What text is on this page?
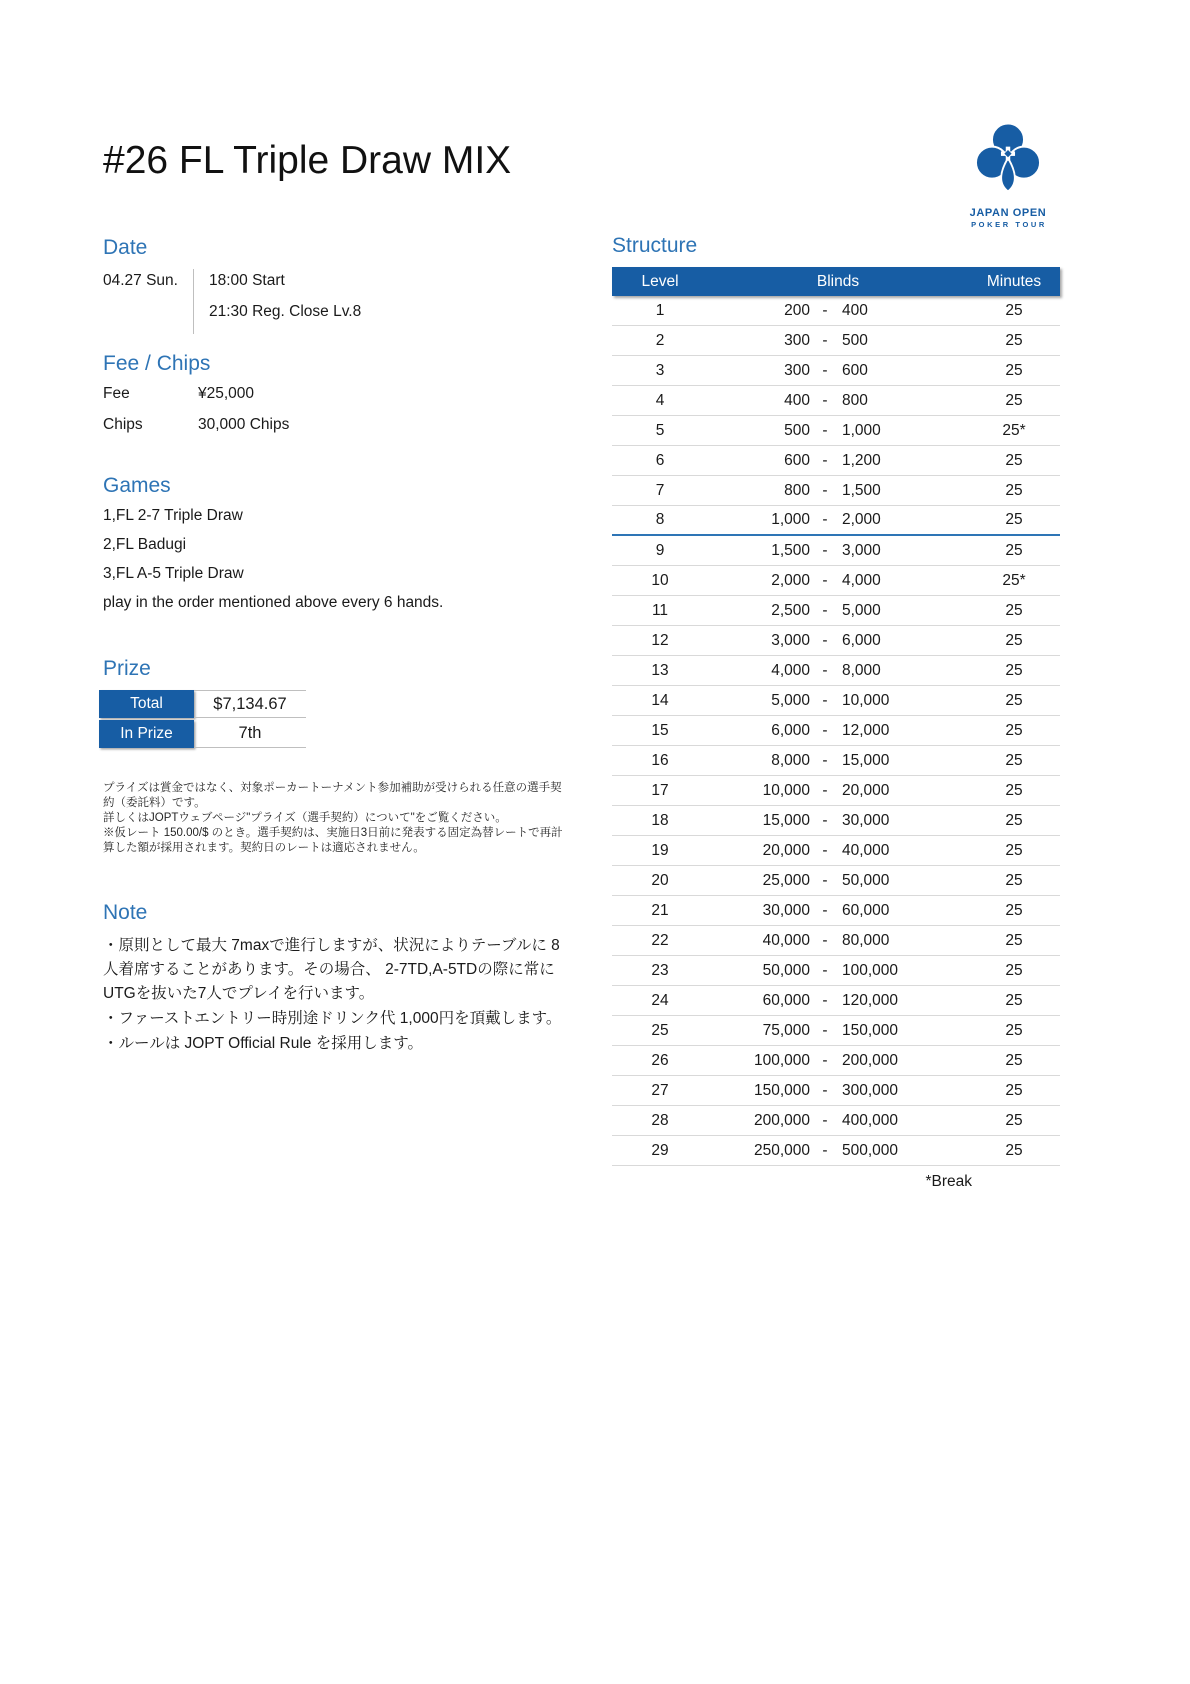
#26 FL Triple Draw MIX
JAPAN OPEN
POKER TOUR
Date
04.27 Sun.	18:00 Start
21:30 Reg. Close Lv.8
Fee / Chips
Fee	¥25,000
Chips	30,000 Chips
Games
1,FL 2-7 Triple Draw
2,FL Badugi
3,FL A-5 Triple Draw
play in the order mentioned above every 6 hands.
Prize
Total	$7,134.67
In Prize	7th

プライズは賞金ではなく、対象ポーカートーナメント参加補助が受けられる任意の選手契約（委託料）です。

詳しくはJOPTウェブページ"プライズ（選手契約）について"をご覧ください。

※仮レート 150.00/$ のとき。選手契約は、実施日3日前に発表する固定為替レートで再計算した額が採用されます。契約日のレートは適応されません。

Note

・原則として最大 7maxで進行しますが、状況によりテーブルに 8人着席することがあります。その場合、 2-7TD,A-5TDの際に常にUTGを抜いた7人でプレイを行います。

・ファーストエントリー時別途ドリンク代 1,000円を頂戴します。

・ルールは JOPT Official Rule を採用します。

Structure
Level	Blinds	Minutes
1	200 - 400	25
2	300 - 500	25
3	300 - 600	25
4	400 - 800	25
5	500 - 1,000	25*
6	600 - 1,200	25
7	800 - 1,500	25
8	1,000 - 2,000	25
9	1,500 - 3,000	25
10	2,000 - 4,000	25*
11	2,500 - 5,000	25
12	3,000 - 6,000	25
13	4,000 - 8,000	25
14	5,000 - 10,000	25
15	6,000 - 12,000	25
16	8,000 - 15,000	25
17	10,000 - 20,000	25
18	15,000 - 30,000	25
19	20,000 - 40,000	25
20	25,000 - 50,000	25
21	30,000 - 60,000	25
22	40,000 - 80,000	25
23	50,000 - 100,000	25
24	60,000 - 120,000	25
25	75,000 - 150,000	25
26	100,000 - 200,000	25
27	150,000 - 300,000	25
28	200,000 - 400,000	25
29	250,000 - 500,000	25
*Break
